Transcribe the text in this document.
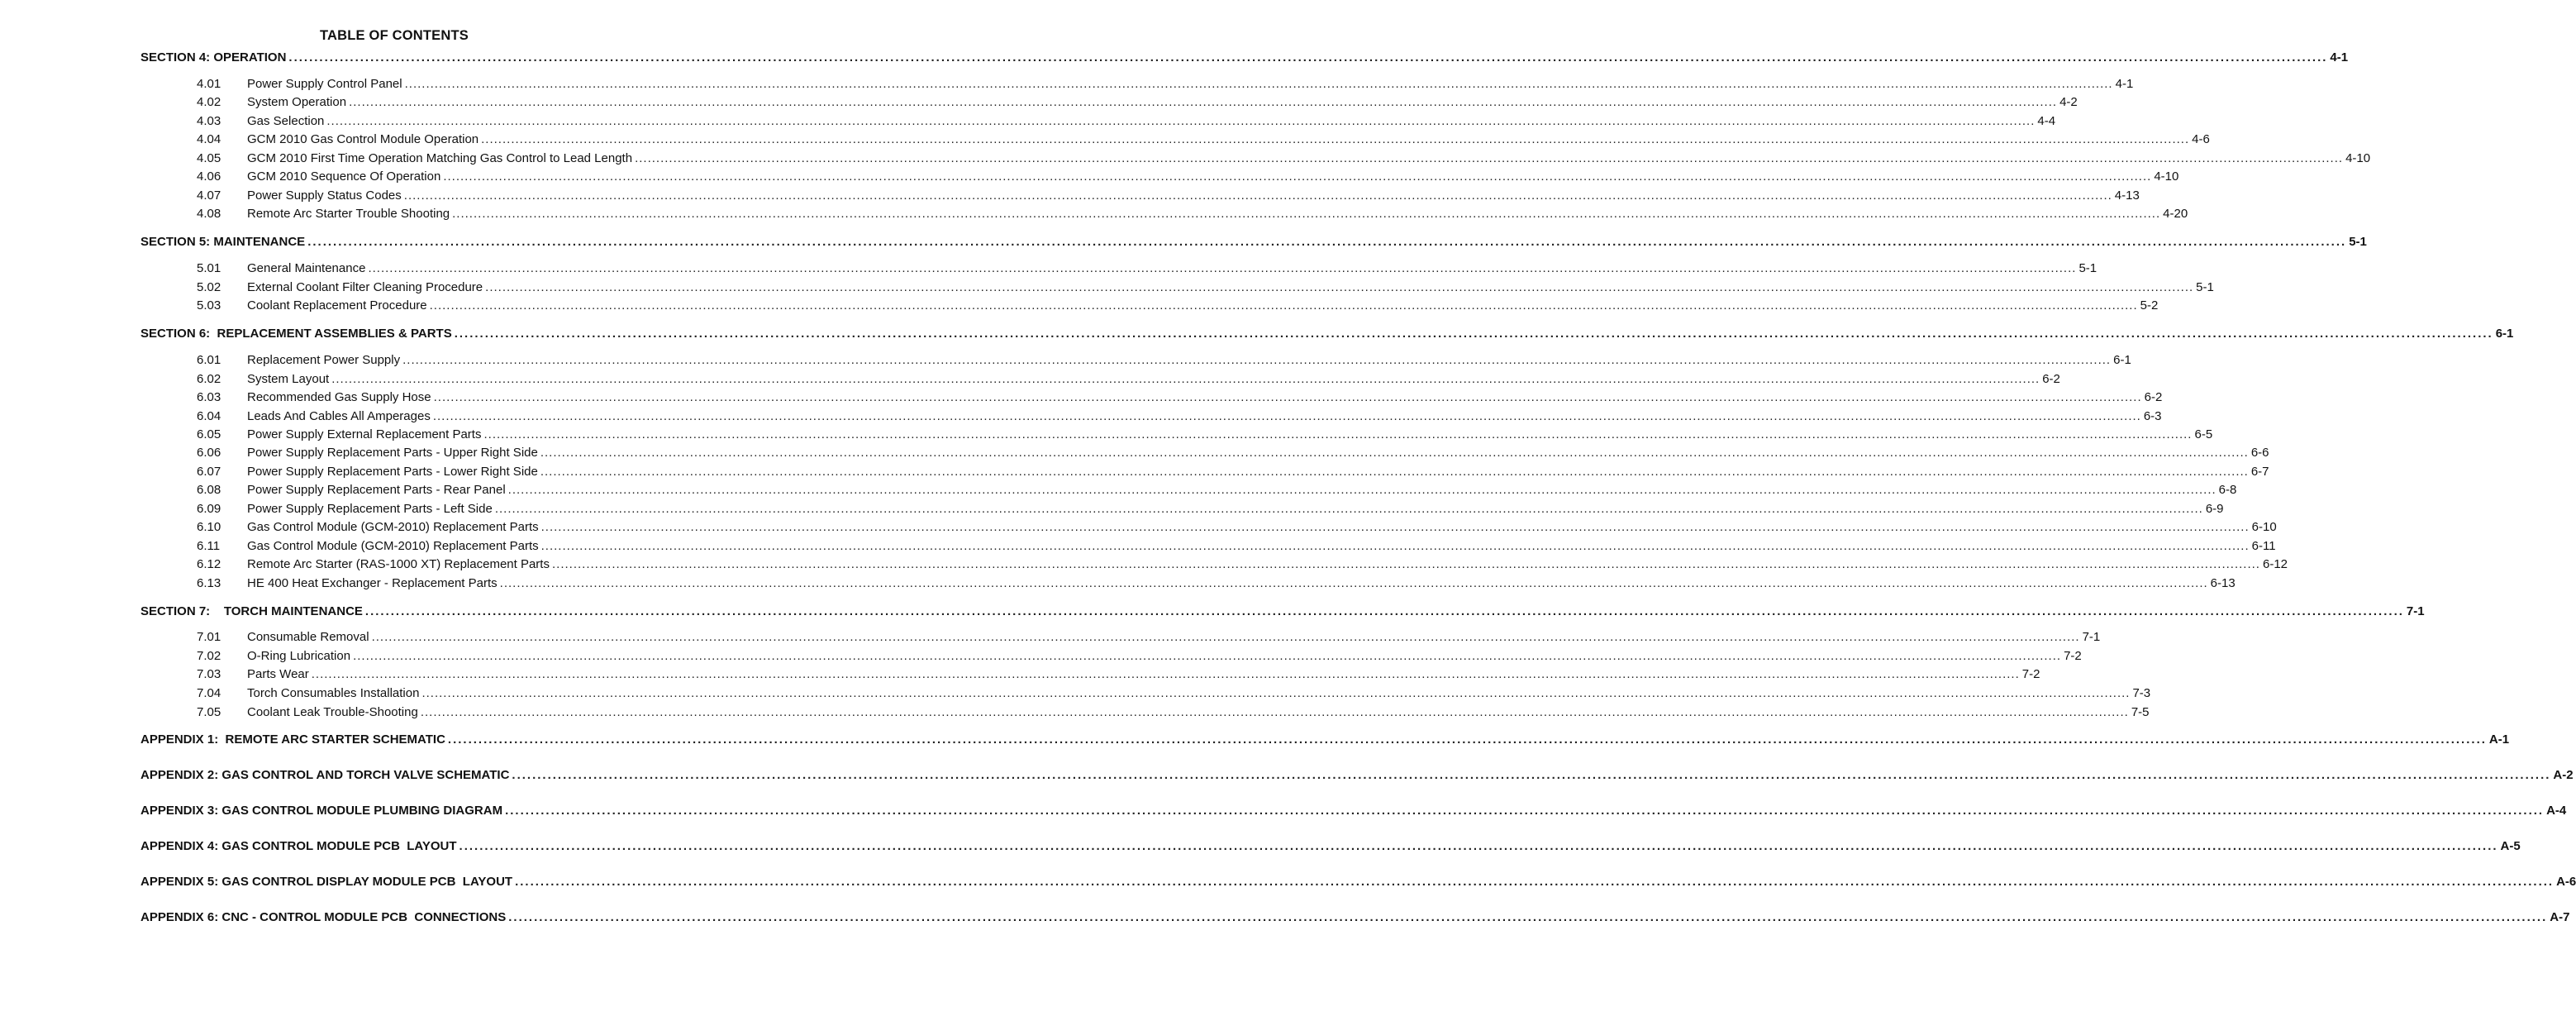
TABLE OF CONTENTS
SECTION 4: OPERATION ................................................................................................................................................................................................................................................................................................................................................................................................................ 4-1
4.01	Power Supply Control Panel ................................................................................................................................................................................................................................................................................................................................................................................................................ 4-1
4.02	System Operation ................................................................................................................................................................................................................................................................................................................................................................................................................ 4-2
4.03	Gas Selection ................................................................................................................................................................................................................................................................................................................................................................................................................ 4-4
4.04	GCM 2010 Gas Control Module Operation ................................................................................................................................................................................................................................................................................................................................................................................................................ 4-6
4.05	GCM 2010 First Time Operation Matching Gas Control to Lead Length ................................................................................................................................................................................................................................................................................................................................................................................................................ 4-10
4.06	GCM 2010 Sequence Of Operation ................................................................................................................................................................................................................................................................................................................................................................................................................ 4-10
4.07	Power Supply Status Codes ................................................................................................................................................................................................................................................................................................................................................................................................................ 4-13
4.08	Remote Arc Starter Trouble Shooting ................................................................................................................................................................................................................................................................................................................................................................................................................ 4-20
SECTION 5: MAINTENANCE ................................................................................................................................................................................................................................................................................................................................................................................................................ 5-1
5.01	General Maintenance ................................................................................................................................................................................................................................................................................................................................................................................................................ 5-1
5.02	External Coolant Filter Cleaning Procedure ................................................................................................................................................................................................................................................................................................................................................................................................................ 5-1
5.03	Coolant Replacement Procedure ................................................................................................................................................................................................................................................................................................................................................................................................................ 5-2
SECTION 6:  REPLACEMENT ASSEMBLIES & PARTS ................................................................................................................................................................................................................................................................................................................................................................................................................ 6-1
6.01	Replacement Power Supply ................................................................................................................................................................................................................................................................................................................................................................................................................ 6-1
6.02	System Layout ................................................................................................................................................................................................................................................................................................................................................................................................................ 6-2
6.03	Recommended Gas Supply Hose ................................................................................................................................................................................................................................................................................................................................................................................................................ 6-2
6.04	Leads And Cables All Amperages ................................................................................................................................................................................................................................................................................................................................................................................................................ 6-3
6.05	Power Supply External Replacement Parts ................................................................................................................................................................................................................................................................................................................................................................................................................ 6-5
6.06	Power Supply Replacement Parts - Upper Right Side ................................................................................................................................................................................................................................................................................................................................................................................................................ 6-6
6.07	Power Supply Replacement Parts - Lower Right Side ................................................................................................................................................................................................................................................................................................................................................................................................................ 6-7
6.08	Power Supply Replacement Parts - Rear Panel ................................................................................................................................................................................................................................................................................................................................................................................................................ 6-8
6.09	Power Supply Replacement Parts - Left Side ................................................................................................................................................................................................................................................................................................................................................................................................................ 6-9
6.10	Gas Control Module (GCM-2010) Replacement Parts ................................................................................................................................................................................................................................................................................................................................................................................................................ 6-10
6.11	Gas Control Module (GCM-2010) Replacement Parts ................................................................................................................................................................................................................................................................................................................................................................................................................ 6-11
6.12	Remote Arc Starter (RAS-1000 XT) Replacement Parts ................................................................................................................................................................................................................................................................................................................................................................................................................ 6-12
6.13	HE 400 Heat Exchanger - Replacement Parts ................................................................................................................................................................................................................................................................................................................................................................................................................ 6-13
SECTION 7:    TORCH MAINTENANCE ................................................................................................................................................................................................................................................................................................................................................................................................................ 7-1
7.01	Consumable Removal ................................................................................................................................................................................................................................................................................................................................................................................................................ 7-1
7.02	O-Ring Lubrication ................................................................................................................................................................................................................................................................................................................................................................................................................ 7-2
7.03	Parts Wear ................................................................................................................................................................................................................................................................................................................................................................................................................ 7-2
7.04	Torch Consumables Installation ................................................................................................................................................................................................................................................................................................................................................................................................................ 7-3
7.05	Coolant Leak Trouble-Shooting ................................................................................................................................................................................................................................................................................................................................................................................................................ 7-5
APPENDIX 1:  REMOTE ARC STARTER SCHEMATIC ................................................................................................................................................................................................................................................................................................................................................................................................................ A-1
APPENDIX 2: GAS CONTROL AND TORCH VALVE SCHEMATIC ................................................................................................................................................................................................................................................................................................................................................................................................................ A-2
APPENDIX 3: GAS CONTROL MODULE PLUMBING DIAGRAM ................................................................................................................................................................................................................................................................................................................................................................................................................ A-4
APPENDIX 4: GAS CONTROL MODULE PCB  LAYOUT ................................................................................................................................................................................................................................................................................................................................................................................................................ A-5
APPENDIX 5: GAS CONTROL DISPLAY MODULE PCB  LAYOUT ................................................................................................................................................................................................................................................................................................................................................................................................................ A-6
APPENDIX 6: CNC - CONTROL MODULE PCB  CONNECTIONS ................................................................................................................................................................................................................................................................................................................................................................................................................ A-7
